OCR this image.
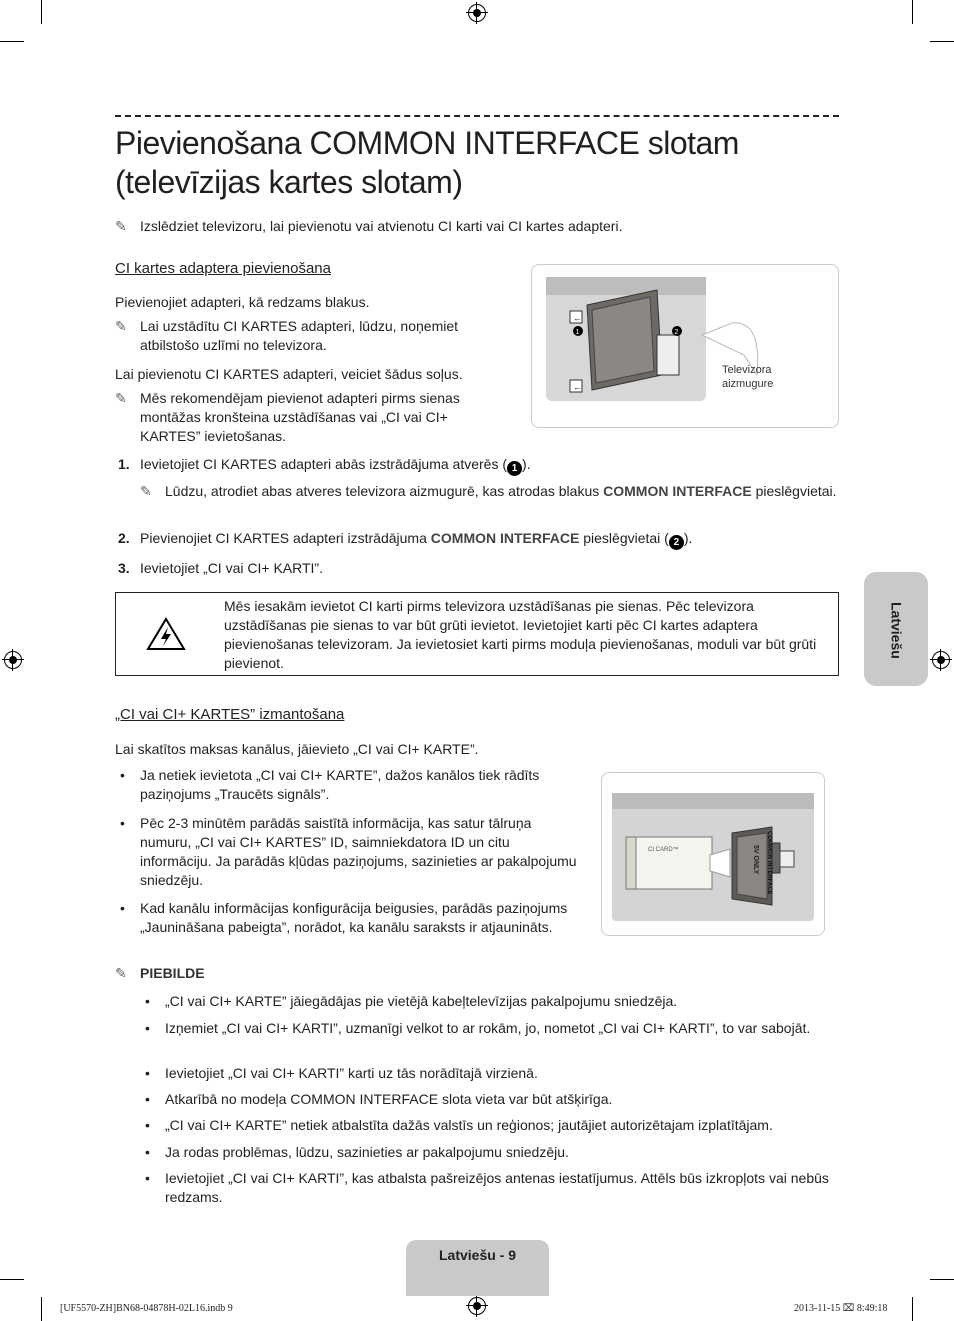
Pievienošana COMMON INTERFACE slotam
(televīzijas kartes slotam)
✎ Izslēdziet televizoru, lai pievienotu vai atvienotu CI karti vai CI kartes adapteri.
CI kartes adaptera pievienošana
Pievienojiet adapteri, kā redzams blakus.
✎ Lai uzstādītu CI KARTES adapteri, lūdzu, noņemiet atbilstošo uzlīmi no televizora.
Lai pievienotu CI KARTES adapteri, veiciet šādus soļus.
✎ Mēs rekomendējam pievienot adapteri pirms sienas montāžas kronšteina uzstādīšanas vai „CI vai CI+ KARTES” ievietošanas.
←
←
1	2
Televizora
aizmugure
1. Ievietojiet CI KARTES adapteri abās izstrādājuma atverēs ( 1 ).
✎ Lūdzu, atrodiet abas atveres televizora aizmugurē, kas atrodas blakus COMMON INTERFACE pieslēgvietai.
2. Pievienojiet CI KARTES adapteri izstrādājuma COMMON INTERFACE pieslēgvietai ( 2 ).
3. Ievietojiet „CI vai CI+ KARTI”.
Mēs iesakām ievietot CI karti pirms televizora uzstādīšanas pie sienas. Pēc televizora uzstādīšanas pie sienas to var būt grūti ievietot. Ievietojiet karti pēc CI kartes adaptera pievienošanas televizoram. Ja ievietosiet karti pirms moduļa pievienošanas, moduli var būt grūti pievienot.
„CI vai CI+ KARTES” izmantošana
Lai skatītos maksas kanālus, jāievieto „CI vai CI+ KARTE”.
• Ja netiek ievietota „CI vai CI+ KARTE”, dažos kanālos tiek rādīts paziņojums „Traucēts signāls”.
• Pēc 2-3 minūtēm parādās saistītā informācija, kas satur tālruņa numuru, „CI vai CI+ KARTES” ID, saimniekdatora ID un citu informāciju. Ja parādās kļūdas paziņojums, sazinieties ar pakalpojumu sniedzēju.
• Kad kanālu informācijas konfigurācija beigusies, parādās paziņojums „Jaunināšana pabeigta”, norādot, ka kanālu saraksts ir atjaunināts.
CI CARD™	COMMON INTERFACE
5V ONLY
✎ PIEBILDE
• „CI vai CI+ KARTE” jāiegādājas pie vietējā kabeļtelevīzijas pakalpojumu sniedzēja.
• Izņemiet „CI vai CI+ KARTI”, uzmanīgi velkot to ar rokām, jo, nometot „CI vai CI+ KARTI”, to var sabojāt.
• Ievietojiet „CI vai CI+ KARTI” karti uz tās norādītajā virzienā.
• Atkarībā no modeļa COMMON INTERFACE slota vieta var būt atšķirīga.
• „CI vai CI+ KARTE” netiek atbalstīta dažās valstīs un reģionos; jautājiet autorizētajam izplatītājam.
• Ja rodas problēmas, lūdzu, sazinieties ar pakalpojumu sniedzēju.
• Ievietojiet „CI vai CI+ KARTI”, kas atbalsta pašreizējos antenas iestatījumus. Attēls būs izkropļots vai nebūs redzams.
Latviešu
Latviešu - 9
[UF5570-ZH]BN68-04878H-02L16.indb 9	2013-11-15 ⌧ 8:49:18
